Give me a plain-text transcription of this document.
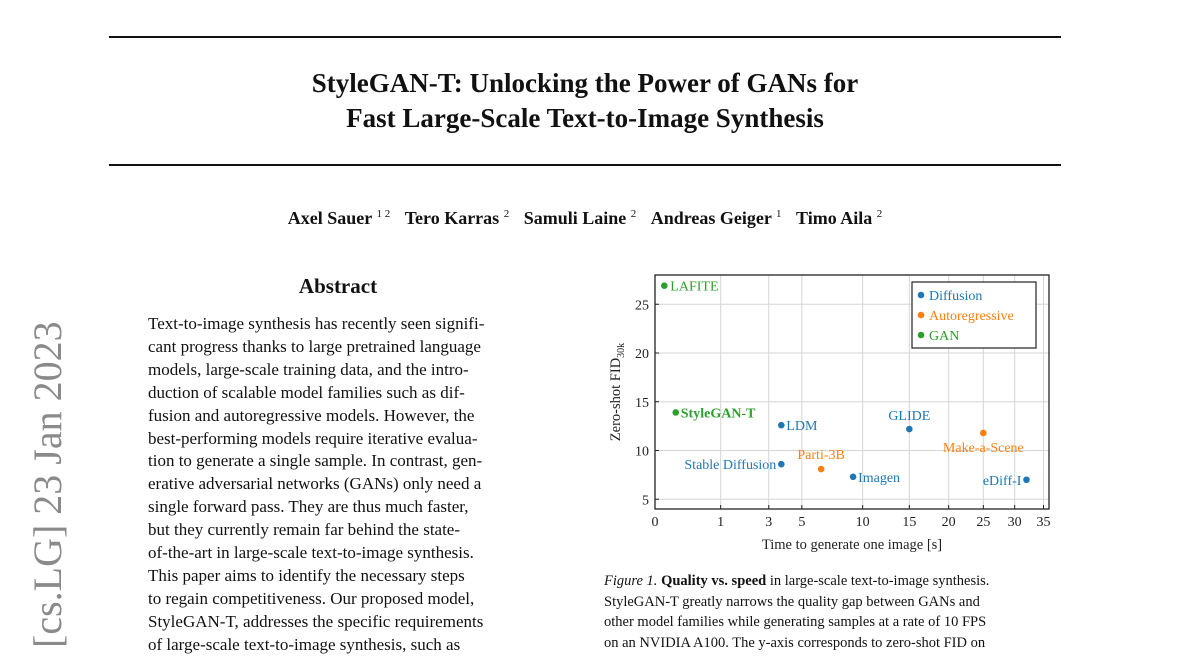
StyleGAN-T: Unlocking the Power of GANs for
Fast Large-Scale Text-to-Image Synthesis
Axel Sauer $^{1 2}$ Tero Karras $^2$ Samuli Laine $^2$ Andreas Geiger $^1$ Timo Aila $^2$
[cs.LG] 23 Jan 2023
Abstract
Text-to-image synthesis has recently seen signifi-
cant progress thanks to large pretrained language
models, large-scale training data, and the intro-
duction of scalable model families such as dif-
fusion and autoregressive models. However, the
best-performing models require iterative evalua-
tion to generate a single sample. In contrast, gen-
erative adversarial networks (GANs) only need a
single forward pass. They are thus much faster,
but they currently remain far behind the state-
of-the-art in large-scale text-to-image synthesis.
This paper aims to identify the necessary steps
to regain competitiveness. Our proposed model,
StyleGAN-T, addresses the specific requirements
of large-scale text-to-image synthesis, such as
0	1	3 5	10 15 20 25 30 35
5
10
15
20
25
Time to generate one image [s]
Zero-shot $FID_{30k}$
LDM
Stable Diffusion
GLIDE
Imagen	eDiff-I
Parti-3B	Make-a-Scene
LAFITE
StyleGAN-T
Diffusion
Autoregressive
GAN
Figure 1. Quality vs. speed in large-scale text-to-image synthesis.
StyleGAN-T greatly narrows the quality gap between GANs and
other model families while generating samples at a rate of 10 FPS
on an NVIDIA A100. The y-axis corresponds to zero-shot FID on
